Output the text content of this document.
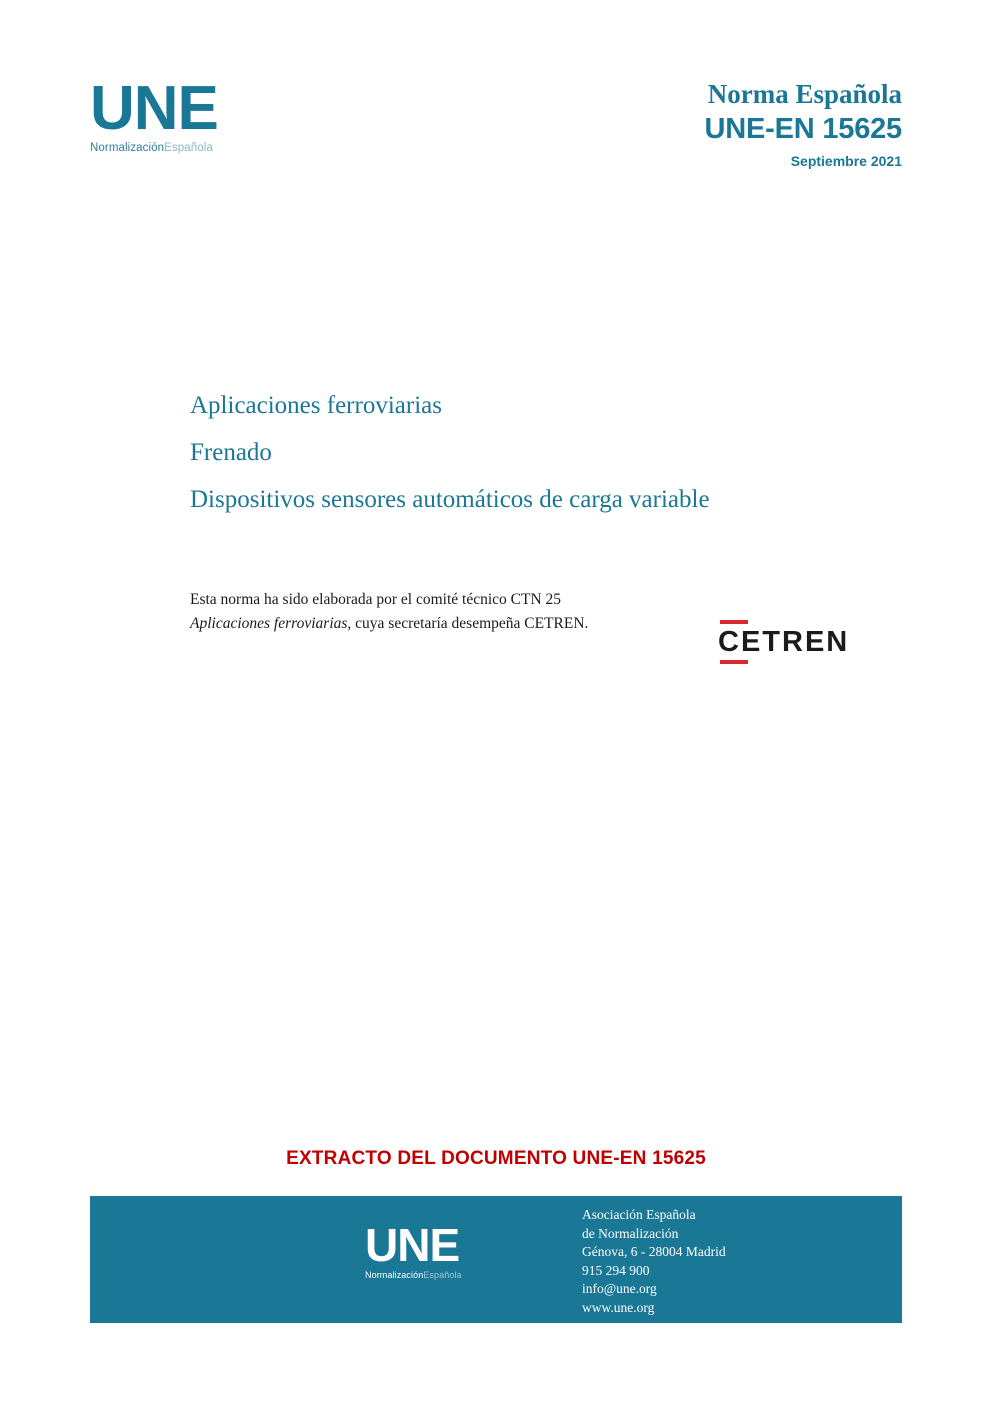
UNE
NormalizaciónEspañola
Norma Española
UNE-EN 15625
Septiembre 2021
Aplicaciones ferroviarias
Frenado
Dispositivos sensores automáticos de carga variable
Esta norma ha sido elaborada por el comité técnico CTN 25 Aplicaciones ferroviarias, cuya secretaría desempeña CETREN.
CETREN
EXTRACTO DEL DOCUMENTO UNE-EN 15625
UNE
NormalizaciónEspañola
Asociación Española
de Normalización
Génova, 6 - 28004 Madrid
915 294 900
info@une.org
www.une.org
